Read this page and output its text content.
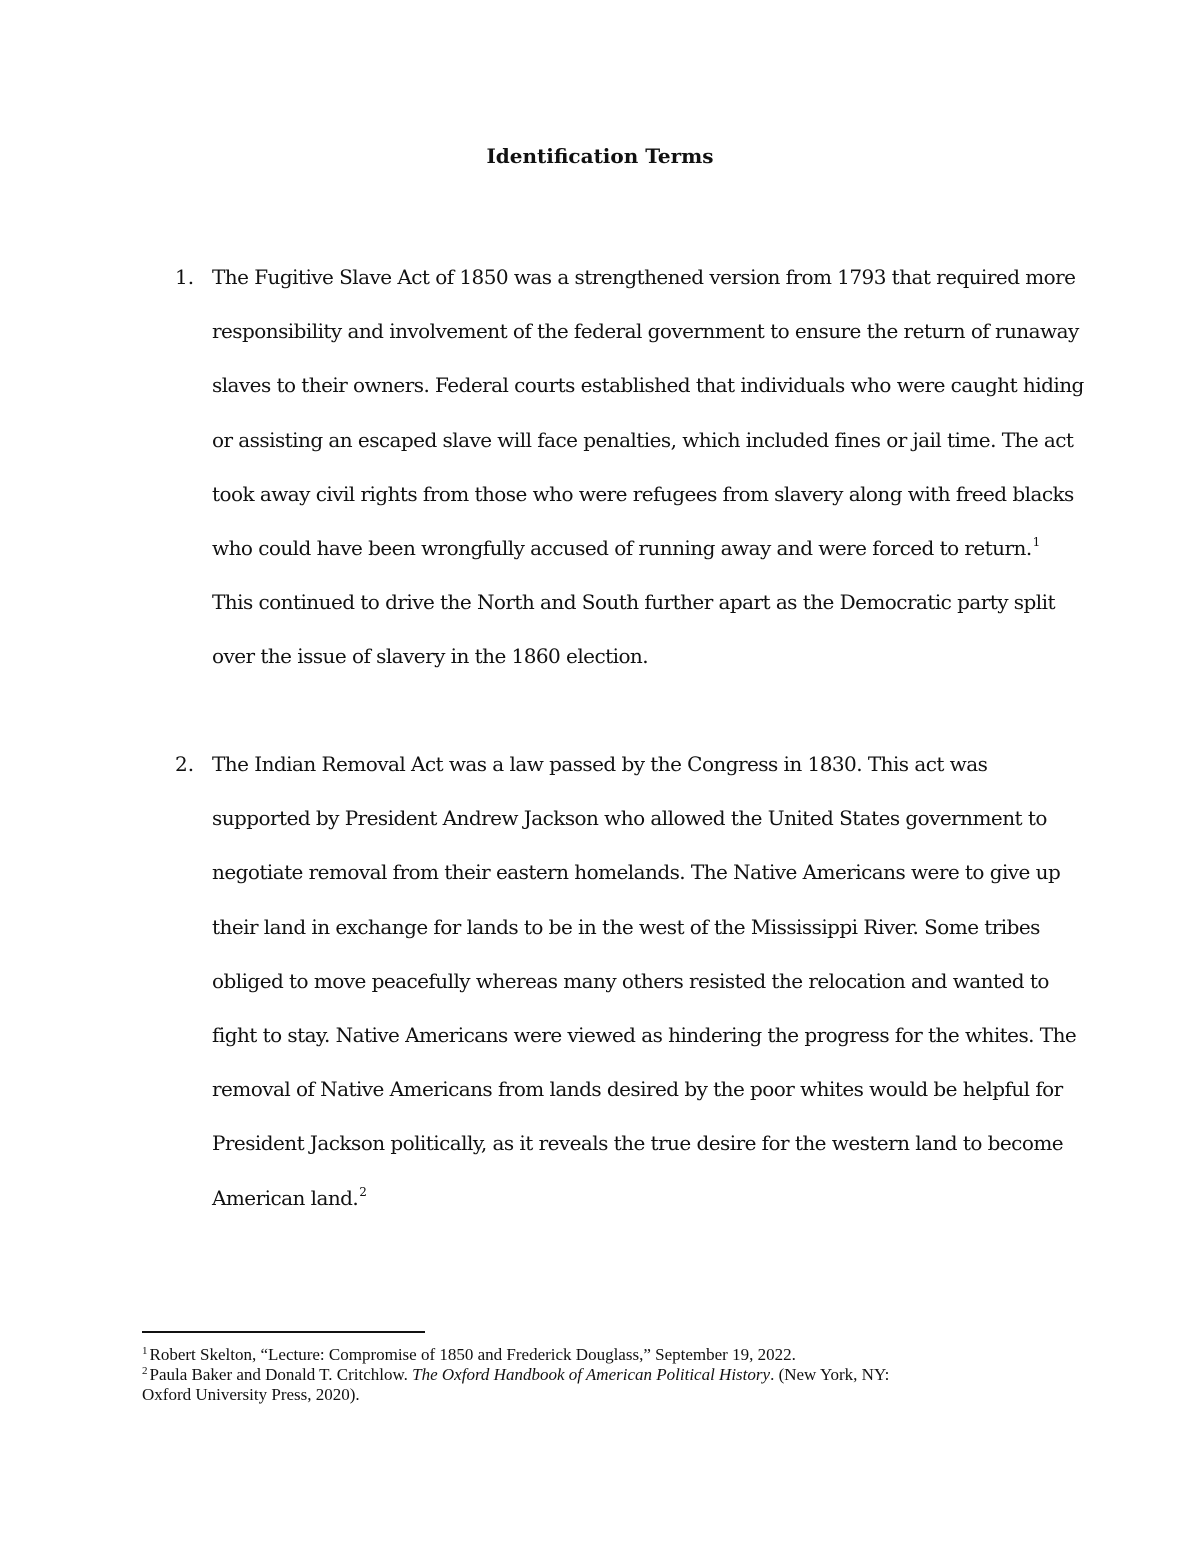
Identification Terms
1. The Fugitive Slave Act of 1850 was a strengthened version from 1793 that required more
responsibility and involvement of the federal government to ensure the return of runaway
slaves to their owners. Federal courts established that individuals who were caught hiding
or assisting an escaped slave will face penalties, which included fines or jail time. The act
took away civil rights from those who were refugees from slavery along with freed blacks
who could have been wrongfully accused of running away and were forced to return.$^1$
This continued to drive the North and South further apart as the Democratic party split
over the issue of slavery in the 1860 election.
2. The Indian Removal Act was a law passed by the Congress in 1830. This act was
supported by President Andrew Jackson who allowed the United States government to
negotiate removal from their eastern homelands. The Native Americans were to give up
their land in exchange for lands to be in the west of the Mississippi River. Some tribes
obliged to move peacefully whereas many others resisted the relocation and wanted to
fight to stay. Native Americans were viewed as hindering the progress for the whites. The
removal of Native Americans from lands desired by the poor whites would be helpful for
President Jackson politically, as it reveals the true desire for the western land to become
American land.$^2$
$^1$ Robert Skelton, “Lecture: Compromise of 1850 and Frederick Douglass,” September 19, 2022.
$^2$ Paula Baker and Donald T. Critchlow. The Oxford Handbook of American Political History. (New York, NY:
Oxford University Press, 2020).
